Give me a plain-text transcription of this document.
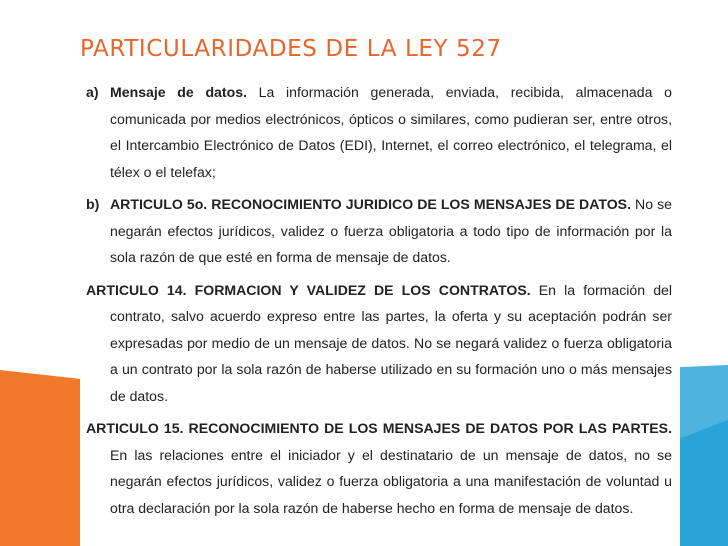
PARTICULARIDADES DE LA LEY 527

a) Mensaje de datos. La información generada, enviada, recibida, almacenada o comunicada por medios electrónicos, ópticos o similares, como pudieran ser, entre otros, el Intercambio Electrónico de Datos (EDI), Internet, el correo electrónico, el telegrama, el télex o el telefax;

b) ARTICULO 5o. RECONOCIMIENTO JURIDICO DE LOS MENSAJES DE DATOS. No se negarán efectos jurídicos, validez o fuerza obligatoria a todo tipo de información por la sola razón de que esté en forma de mensaje de datos.

ARTICULO 14. FORMACION Y VALIDEZ DE LOS CONTRATOS. En la formación del contrato, salvo acuerdo expreso entre las partes, la oferta y su aceptación podrán ser expresadas por medio de un mensaje de datos. No se negará validez o fuerza obligatoria a un contrato por la sola razón de haberse utilizado en su formación uno o más mensajes de datos.

ARTICULO 15. RECONOCIMIENTO DE LOS MENSAJES DE DATOS POR LAS PARTES. En las relaciones entre el iniciador y el destinatario de un mensaje de datos, no se negarán efectos jurídicos, validez o fuerza obligatoria a una manifestación de voluntad u otra declaración por la sola razón de haberse hecho en forma de mensaje de datos.
